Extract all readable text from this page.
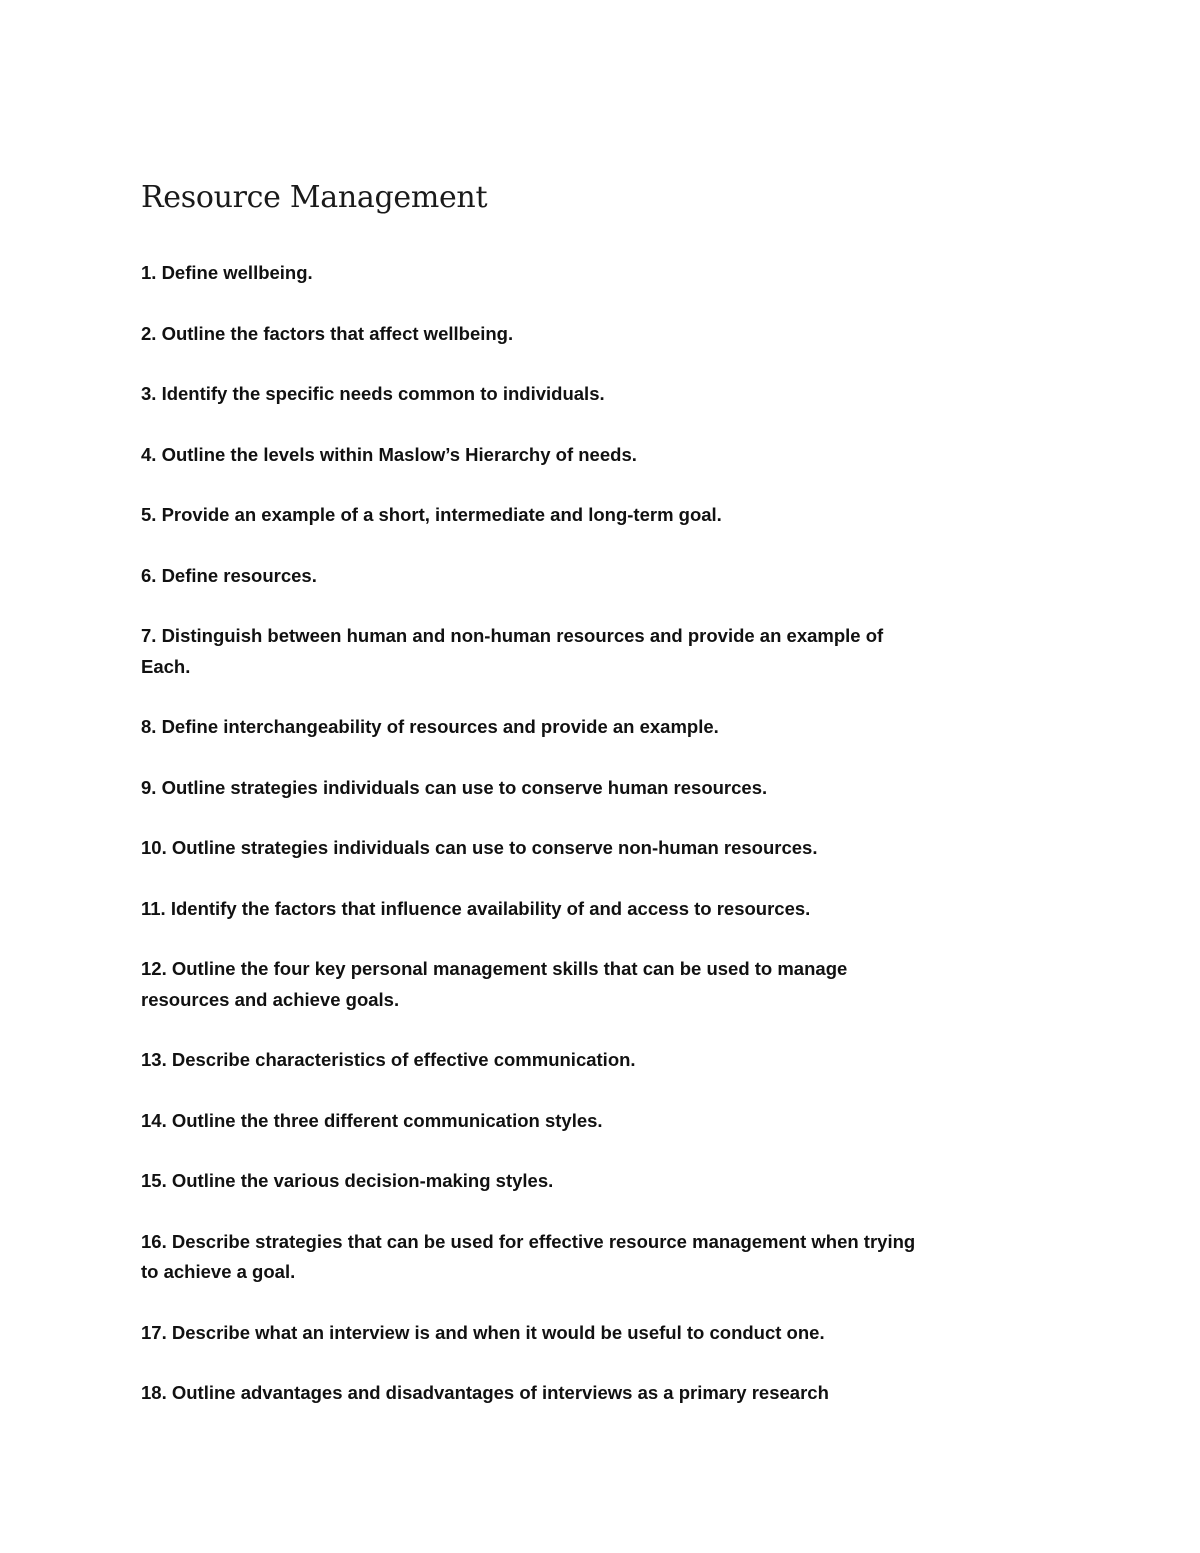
Resource Management
1. Define wellbeing.
2. Outline the factors that affect wellbeing.
3. Identify the specific needs common to individuals.
4. Outline the levels within Maslow’s Hierarchy of needs.
5. Provide an example of a short, intermediate and long-term goal.
6. Define resources.
7. Distinguish between human and non-human resources and provide an example of Each.
8. Define interchangeability of resources and provide an example.
9. Outline strategies individuals can use to conserve human resources.
10. Outline strategies individuals can use to conserve non-human resources.
11. Identify the factors that influence availability of and access to resources.
12. Outline the four key personal management skills that can be used to manage resources and achieve goals.
13. Describe characteristics of effective communication.
14. Outline the three different communication styles.
15. Outline the various decision-making styles.
16. Describe strategies that can be used for effective resource management when trying to achieve a goal.
17. Describe what an interview is and when it would be useful to conduct one.
18. Outline advantages and disadvantages of interviews as a primary research
